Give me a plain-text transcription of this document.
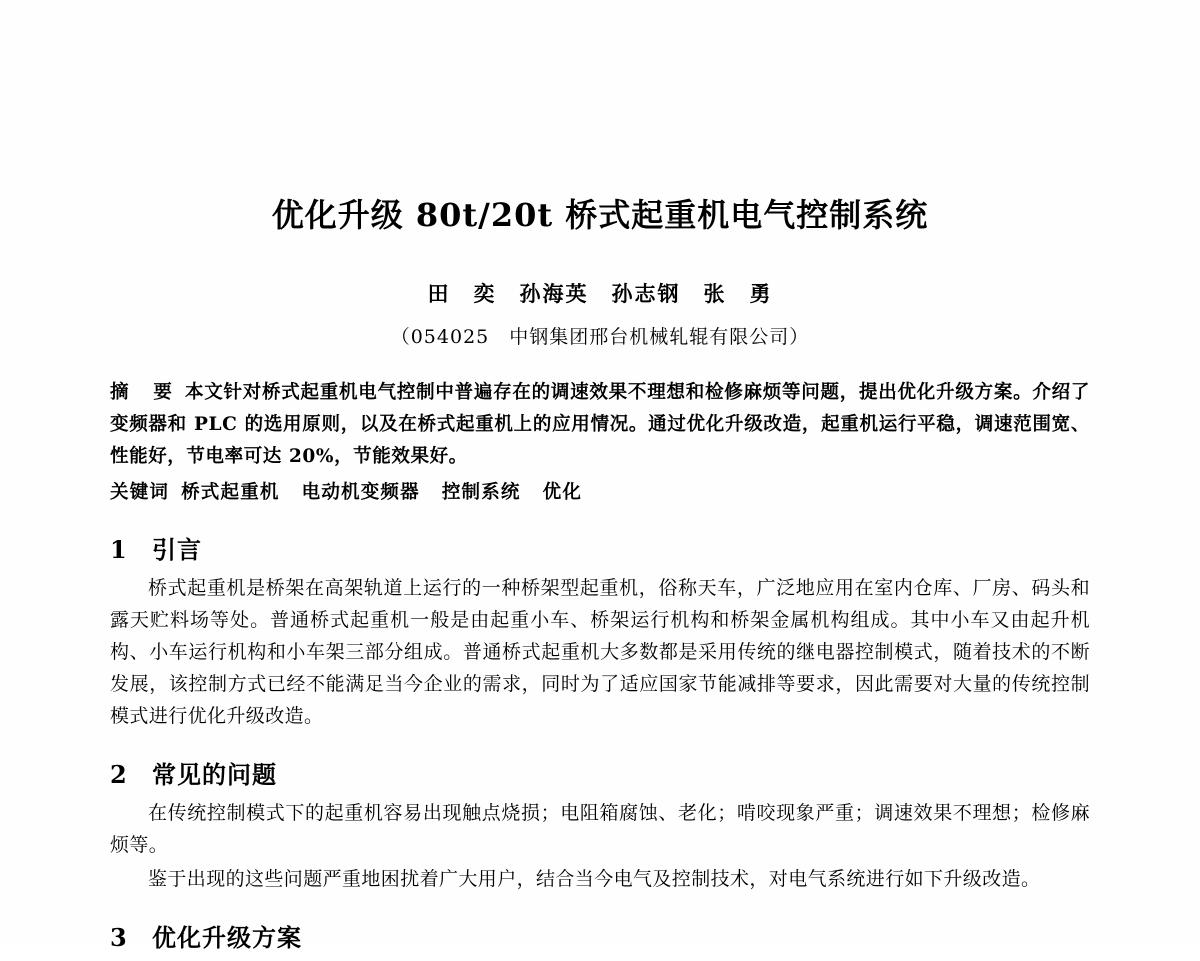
优化升级 80t/20t 桥式起重机电气控制系统
田　奕　孙海英　孙志钢　张　勇
（054025　中钢集团邢台机械轧辊有限公司）
摘　要 本文针对桥式起重机电气控制中普遍存在的调速效果不理想和检修麻烦等问题，提出优化升级方案。介绍了变频器和 PLC 的选用原则，以及在桥式起重机上的应用情况。通过优化升级改造，起重机运行平稳，调速范围宽、性能好，节电率可达 20%，节能效果好。
关键词 桥式起重机 电动机变频器 控制系统 优化
1 引言

桥式起重机是桥架在高架轨道上运行的一种桥架型起重机，俗称天车，广泛地应用在室内仓库、厂房、码头和露天贮料场等处。普通桥式起重机一般是由起重小车、桥架运行机构和桥架金属机构组成。其中小车又由起升机构、小车运行机构和小车架三部分组成。普通桥式起重机大多数都是采用传统的继电器控制模式，随着技术的不断发展，该控制方式已经不能满足当今企业的需求，同时为了适应国家节能减排等要求，因此需要对大量的传统控制模式进行优化升级改造。

2 常见的问题

在传统控制模式下的起重机容易出现触点烧损；电阻箱腐蚀、老化；啃咬现象严重；调速效果不理想；检修麻烦等。

鉴于出现的这些问题严重地困扰着广大用户，结合当今电气及控制技术，对电气系统进行如下升级改造。

3 优化升级方案
